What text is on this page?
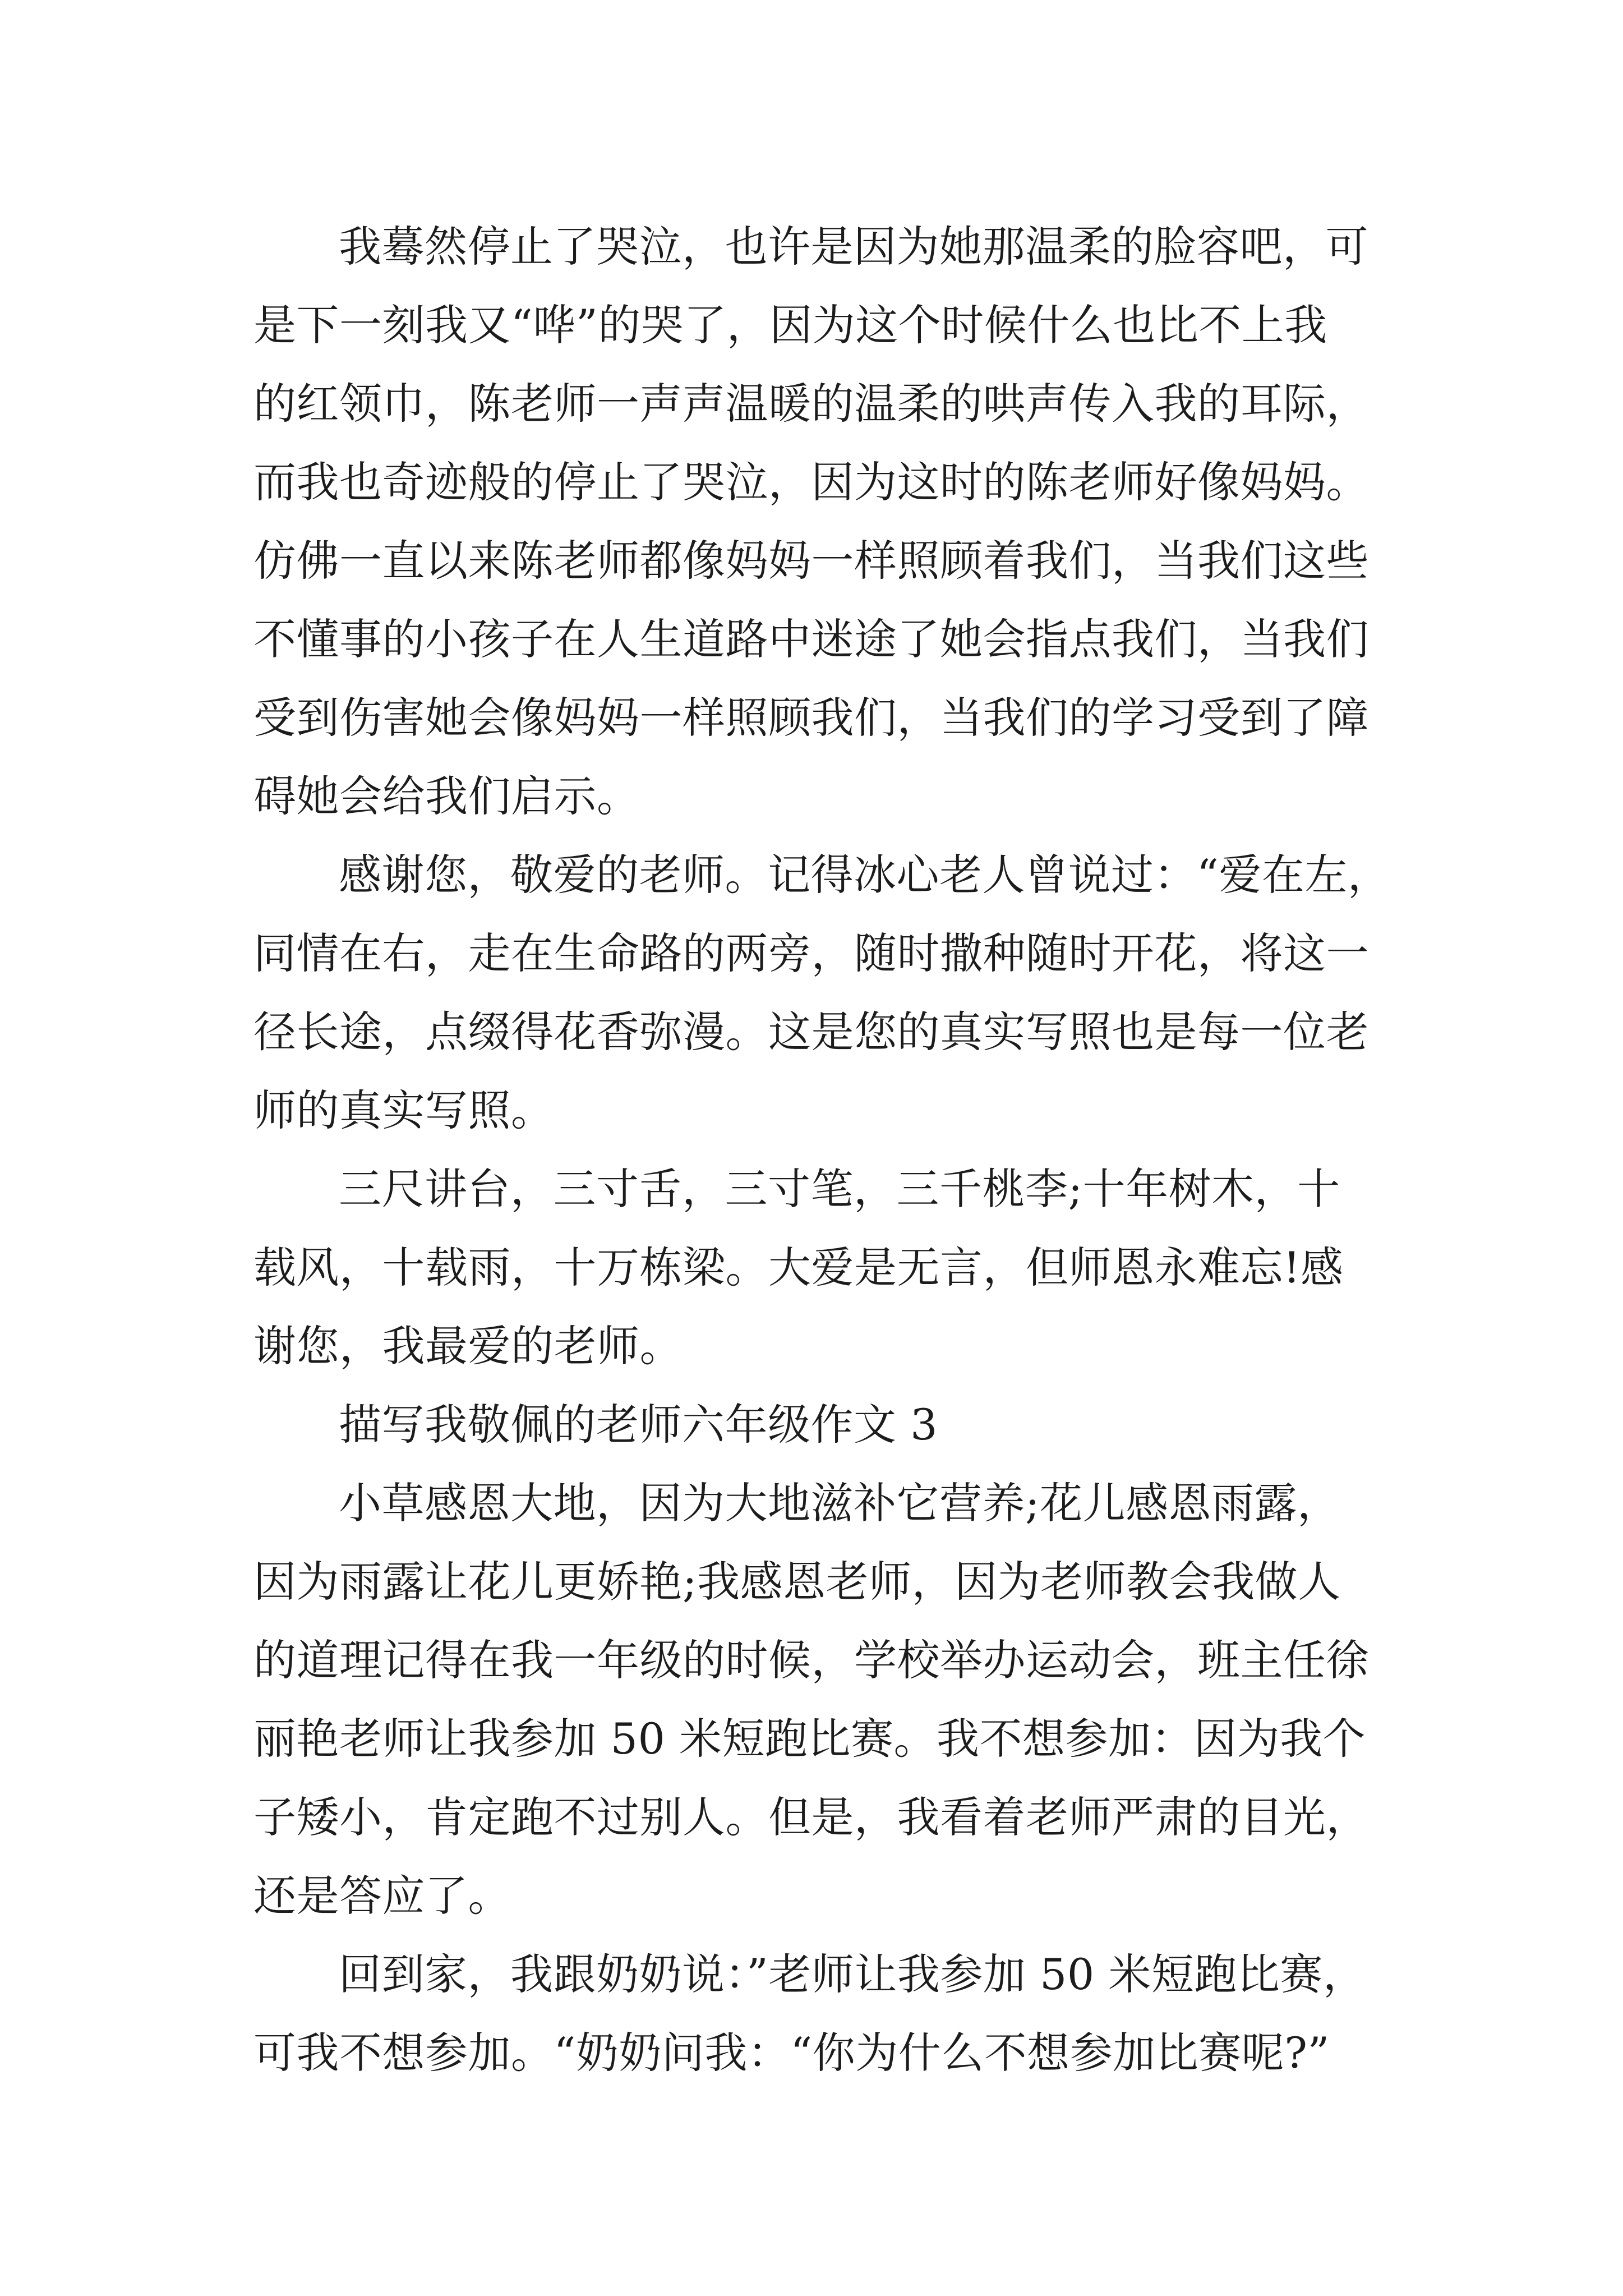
我蓦然停止了哭泣，也许是因为她那温柔的脸容吧，可
是下一刻我又“哗”的哭了，因为这个时候什么也比不上我
的红领巾，陈老师一声声温暖的温柔的哄声传入我的耳际，
而我也奇迹般的停止了哭泣，因为这时的陈老师好像妈妈。
仿佛一直以来陈老师都像妈妈一样照顾着我们，当我们这些
不懂事的小孩子在人生道路中迷途了她会指点我们，当我们
受到伤害她会像妈妈一样照顾我们，当我们的学习受到了障
碍她会给我们启示。
感谢您，敬爱的老师。记得冰心老人曾说过：“爱在左，
同情在右，走在生命路的两旁，随时撒种随时开花，将这一
径长途，点缀得花香弥漫。这是您的真实写照也是每一位老
师的真实写照。
三尺讲台，三寸舌，三寸笔，三千桃李;十年树木，十
载风，十载雨，十万栋梁。大爱是无言，但师恩永难忘!感
谢您，我最爱的老师。
描写我敬佩的老师六年级作文 3
小草感恩大地，因为大地滋补它营养;花儿感恩雨露，
因为雨露让花儿更娇艳;我感恩老师，因为老师教会我做人
的道理记得在我一年级的时候，学校举办运动会，班主任徐
丽艳老师让我参加 50 米短跑比赛。我不想参加：因为我个
子矮小，肯定跑不过别人。但是，我看着老师严肃的目光，
还是答应了。
回到家，我跟奶奶说：”老师让我参加 50 米短跑比赛，
可我不想参加。“奶奶问我：“你为什么不想参加比赛呢?”
